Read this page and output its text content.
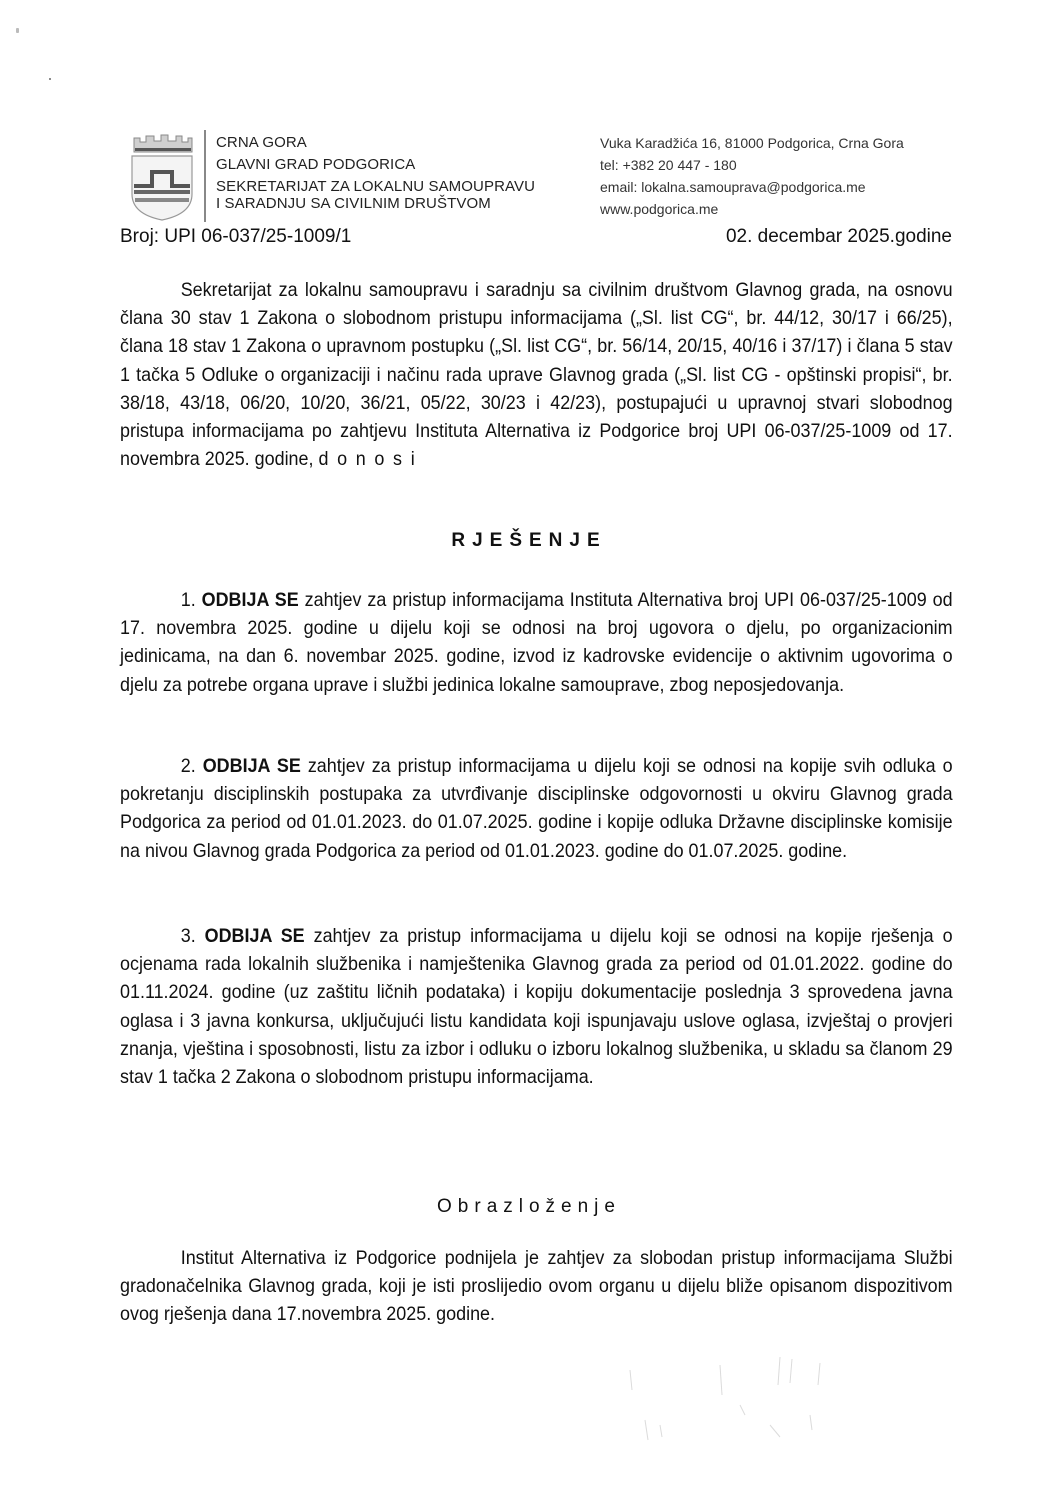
CRNA GORA
GLAVNI GRAD PODGORICA
SEKRETARIJAT ZA LOKALNU SAMOUPRAVU
I SARADNJU SA CIVILNIM DRUŠTVOM
Vuka Karadžića 16, 81000 Podgorica, Crna Gora
tel: +382 20 447 - 180
email: lokalna.samouprava@podgorica.me
www.podgorica.me
Broj: UPI 06-037/25-1009/1	02. decembar 2025.godine
Sekretarijat za lokalnu samoupravu i saradnju sa civilnim društvom Glavnog grada, na osnovu člana 30 stav 1 Zakona o slobodnom pristupu informacijama („Sl. list CG“, br. 44/12, 30/17 i 66/25), člana 18 stav 1 Zakona o upravnom postupku („Sl. list CG“, br. 56/14, 20/15, 40/16 i 37/17) i člana 5 stav 1 tačka 5 Odluke o organizaciji i načinu rada uprave Glavnog grada („Sl. list CG - opštinski propisi“, br. 38/18, 43/18, 06/20, 10/20, 36/21, 05/22, 30/23 i 42/23), postupajući u upravnoj stvari slobodnog pristupa informacijama po zahtjevu Instituta Alternativa iz Podgorice broj UPI 06-037/25-1009 od 17. novembra 2025. godine, d o n o s i
RJEŠENJE
1. ODBIJA SE zahtjev za pristup informacijama Instituta Alternativa broj UPI 06-037/25-1009 od 17. novembra 2025. godine u dijelu koji se odnosi na broj ugovora o djelu, po organizacionim jedinicama, na dan 6. novembar 2025. godine, izvod iz kadrovske evidencije o aktivnim ugovorima o djelu za potrebe organa uprave i službi jedinica lokalne samouprave, zbog neposjedovanja.
2. ODBIJA SE zahtjev za pristup informacijama u dijelu koji se odnosi na kopije svih odluka o pokretanju disciplinskih postupaka za utvrđivanje disciplinske odgovornosti u okviru Glavnog grada Podgorica za period od 01.01.2023. do 01.07.2025. godine i kopije odluka Državne disciplinske komisije na nivou Glavnog grada Podgorica za period od 01.01.2023. godine do 01.07.2025. godine.
3. ODBIJA SE zahtjev za pristup informacijama u dijelu koji se odnosi na kopije rješenja o ocjenama rada lokalnih službenika i namještenika Glavnog grada za period od 01.01.2022. godine do 01.11.2024. godine (uz zaštitu ličnih podataka) i kopiju dokumentacije poslednja 3 sprovedena javna oglasa i 3 javna konkursa, uključujući listu kandidata koji ispunjavaju uslove oglasa, izvještaj o provjeri znanja, vještina i sposobnosti, listu za izbor i odluku o izboru lokalnog službenika, u skladu sa članom 29 stav 1 tačka 2 Zakona o slobodnom pristupu informacijama.
Obrazloženje
Institut Alternativa iz Podgorice podnijela je zahtjev za slobodan pristup informacijama Službi gradonačelnika Glavnog grada, koji je isti proslijedio ovom organu u dijelu bliže opisanom dispozitivom ovog rješenja dana 17.novembra 2025. godine.
